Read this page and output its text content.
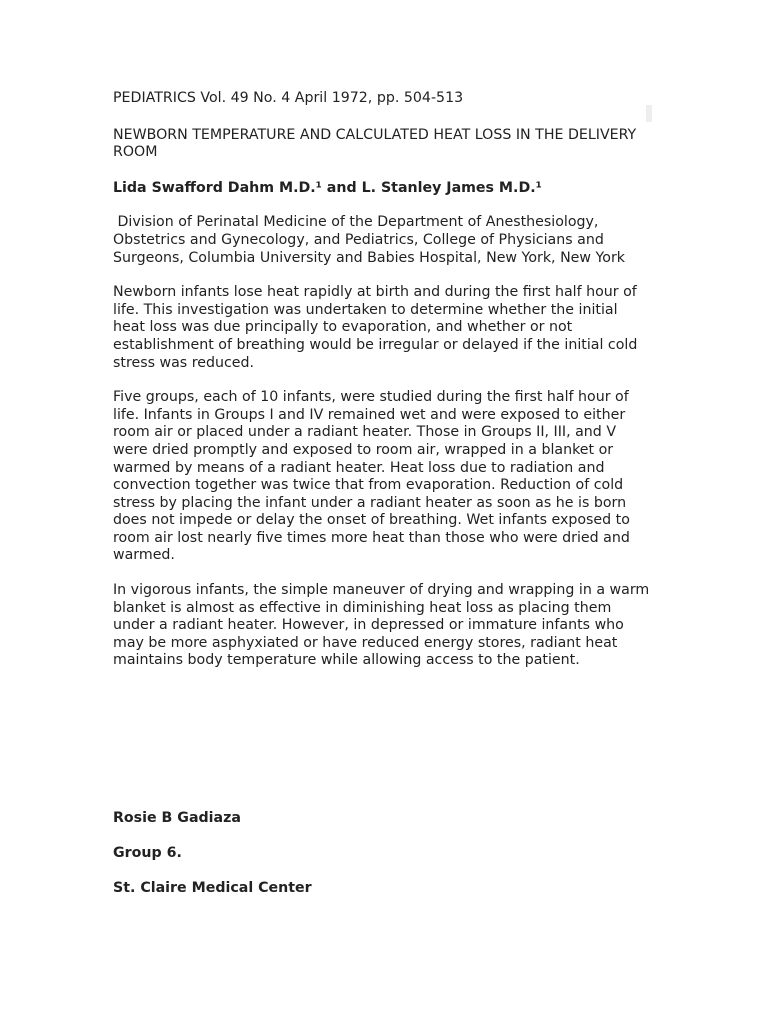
PEDIATRICS Vol. 49 No. 4 April 1972, pp. 504-513
NEWBORN TEMPERATURE AND CALCULATED HEAT LOSS IN THE DELIVERY ROOM
Lida Swafford Dahm M.D.¹ and L. Stanley James M.D.¹
Division of Perinatal Medicine of the Department of Anesthesiology, Obstetrics and Gynecology, and Pediatrics, College of Physicians and Surgeons, Columbia University and Babies Hospital, New York, New York
Newborn infants lose heat rapidly at birth and during the first half hour of life. This investigation was undertaken to determine whether the initial heat loss was due principally to evaporation, and whether or not establishment of breathing would be irregular or delayed if the initial cold stress was reduced.
Five groups, each of 10 infants, were studied during the first half hour of life. Infants in Groups I and IV remained wet and were exposed to either room air or placed under a radiant heater. Those in Groups II, III, and V were dried promptly and exposed to room air, wrapped in a blanket or warmed by means of a radiant heater. Heat loss due to radiation and convection together was twice that from evaporation. Reduction of cold stress by placing the infant under a radiant heater as soon as he is born does not impede or delay the onset of breathing. Wet infants exposed to room air lost nearly five times more heat than those who were dried and warmed.
In vigorous infants, the simple maneuver of drying and wrapping in a warm blanket is almost as effective in diminishing heat loss as placing them under a radiant heater. However, in depressed or immature infants who may be more asphyxiated or have reduced energy stores, radiant heat maintains body temperature while allowing access to the patient.
Rosie B Gadiaza
Group 6.
St. Claire Medical Center
